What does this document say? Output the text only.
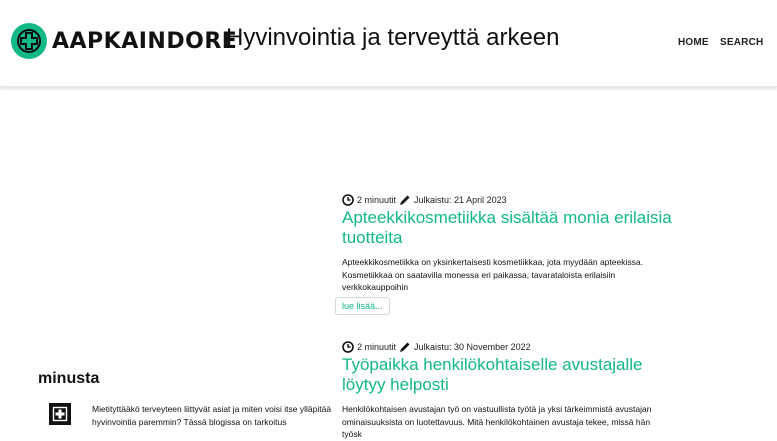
AAPKAINDORE
Hyvinvointia ja terveyttä arkeen	HOME SEARCH
2 minuutit Julkaistu: 21 April 2023
Apteekkikosmetiikka sisältää monia erilaisia tuotteita

Apteekkikosmetiikka on yksinkertaisesti kosmetiikkaa, jota myydään apteekissa. Kosmetiikkaa on saatavilla monessa eri paikassa, tavarataloista erilaisiin verkkokauppoihin

lue lisää...
2 minuutit Julkaistu: 30 November 2022
Työpaikka henkilökohtaiselle avustajalle löytyy helposti

Henkilökohtaisen avustajan työ on vastuullista työtä ja yksi tärkeimmistä avustajan ominaisuuksista on luotettavuus. Mitä henkilökohtainen avustaja tekee, missä hän työsk

minusta

Mietityttääkö terveyteen liittyvät asiat ja miten voisi itse ylläpitää hyvinvointia paremmin? Tässä blogissa on tarkoitus
